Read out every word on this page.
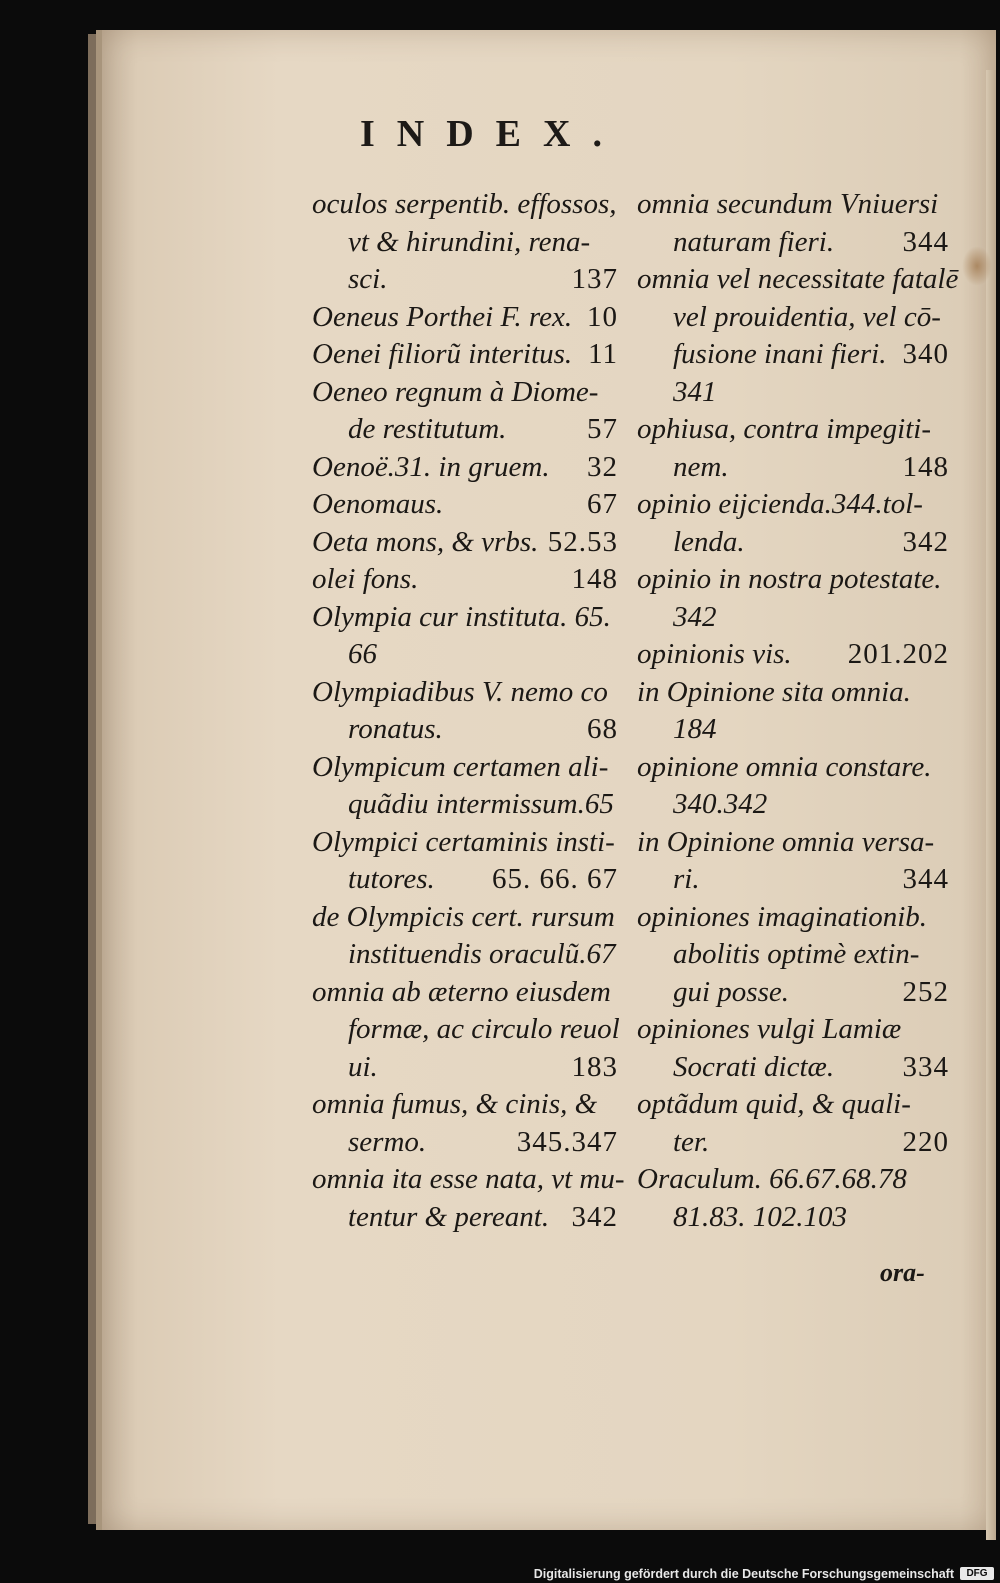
INDEX.
oculos serpentib. effossos,
vt & hirundini, rena-
sci.	137
Oeneus Porthei F. rex. 10
Oenei filiorũ interitus. 11
Oeneo regnum à Diome-
de restitutum.	57
Oenoë.31. in gruem. 32
Oenomaus.	67
Oeta mons, & vrbs. 52.53
olei fons.	148
Olympia cur instituta. 65.
66
Olympiadibus V. nemo co
ronatus.	68
Olympicum certamen ali-
quãdiu intermissum.65
Olympici certaminis insti-
tutores. 65. 66. 67
de Olympicis cert. rursum
instituendis oraculũ.67
omnia ab æterno eiusdem
formæ, ac circulo reuol
ui.	183
omnia fumus, & cinis, &
sermo.	345.347
omnia ita esse nata, vt mu-
tentur & pereant. 342
omnia secundum Vniuersi
naturam fieri. 344
omnia vel necessitate fatalē
vel prouidentia, vel cō-
fusione inani fieri. 340
341
ophiusa, contra impegiti-
nem.	148
opinio eijcienda.344.tol-
lenda.	342
opinio in nostra potestate.
342
opinionis vis. 201.202
in Opinione sita omnia.
184
opinione omnia constare.
340.342
in Opinione omnia versa-
ri.	344
opiniones imaginationib.
abolitis optimè extin-
gui posse.	252
opiniones vulgi Lamiæ
Socrati dictæ. 334
optãdum quid, & quali-
ter.	220
Oraculum. 66.67.68.78
81.83. 102.103
ora-
Digitalisierung gefördert durch die Deutsche Forschungsgemeinschaft	DFG
